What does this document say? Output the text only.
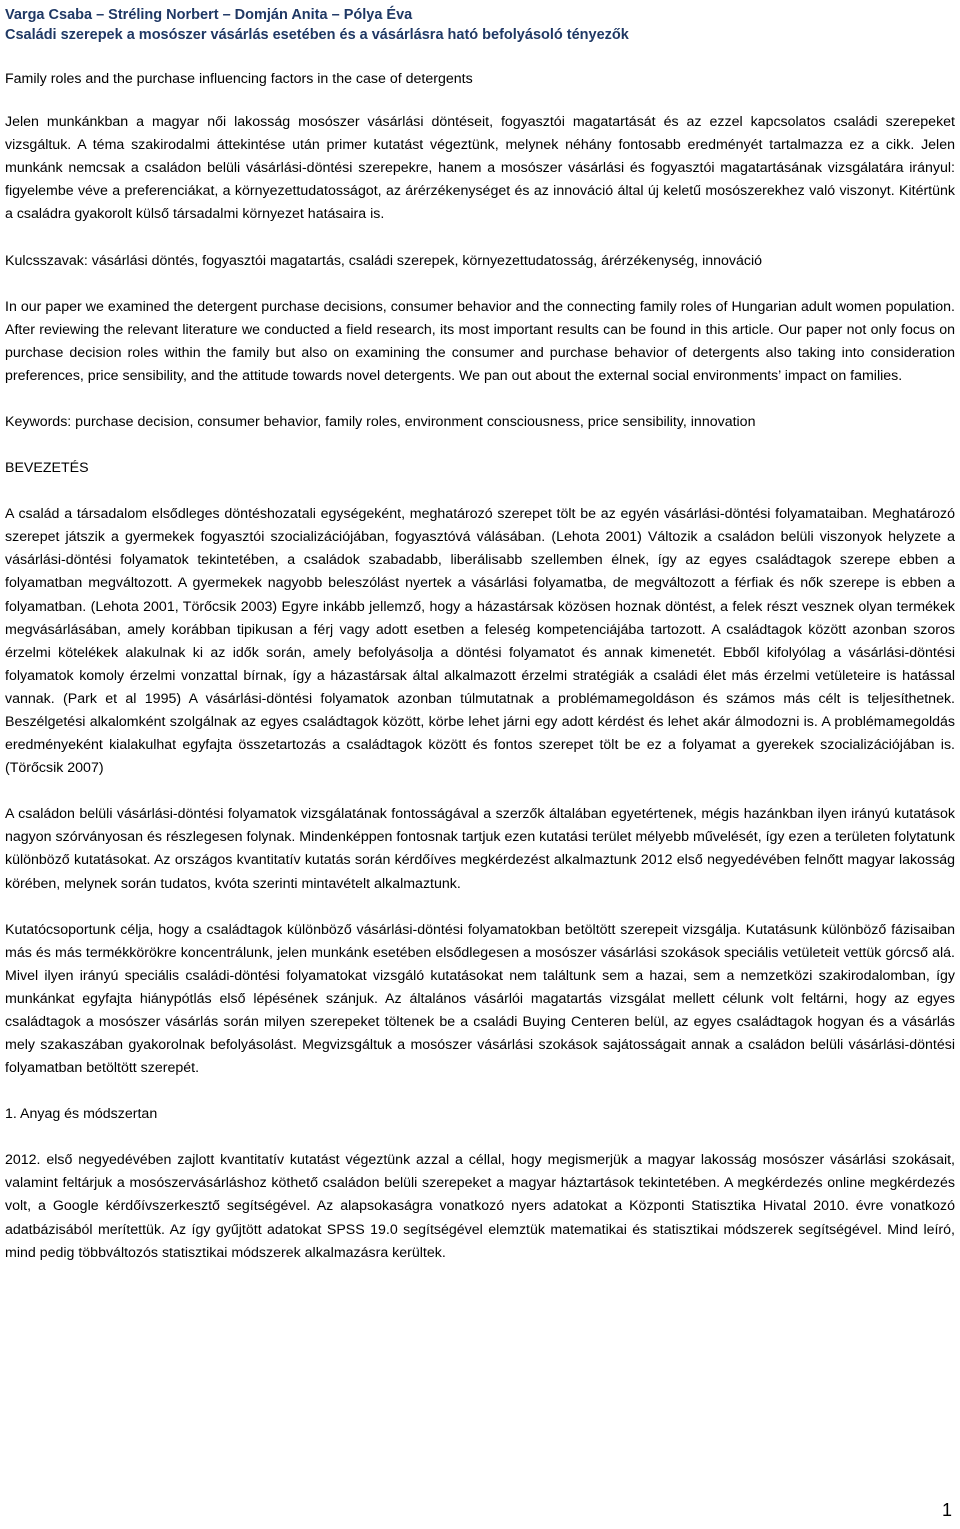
Varga Csaba – Stréling Norbert – Domján Anita – Pólya Éva

Családi szerepek a mosószer vásárlás esetében és a vásárlásra ható befolyásoló tényezők

Family roles and the purchase influencing factors in the case of detergents

Jelen munkánkban a magyar női lakosság mosószer vásárlási döntéseit, fogyasztói magatartását és az ezzel kapcsolatos családi szerepeket vizsgáltuk. A téma szakirodalmi áttekintése után primer kutatást végeztünk, melynek néhány fontosabb eredményét tartalmazza ez a cikk. Jelen munkánk nemcsak a családon belüli vásárlási-döntési szerepekre, hanem a mosószer vásárlási és fogyasztói magatartásának vizsgálatára irányul: figyelembe véve a preferenciákat, a környezettudatosságot, az árérzékenységet és az innováció által új keletű mosószerekhez való viszonyt. Kitértünk a családra gyakorolt külső társadalmi környezet hatásaira is.

Kulcsszavak: vásárlási döntés, fogyasztói magatartás, családi szerepek, környezettudatosság, árérzékenység, innováció

In our paper we examined the detergent purchase decisions, consumer behavior and the connecting family roles of Hungarian adult women population. After reviewing the relevant literature we conducted a field research, its most important results can be found in this article. Our paper not only focus on purchase decision roles within the family but also on examining the consumer and purchase behavior of detergents also taking into consideration preferences, price sensibility, and the attitude towards novel detergents. We pan out about the external social environments’ impact on families.

Keywords: purchase decision, consumer behavior, family roles, environment consciousness, price sensibility, innovation

BEVEZETÉS

A család a társadalom elsődleges döntéshozatali egységeként, meghatározó szerepet tölt be az egyén vásárlási-döntési folyamataiban. Meghatározó szerepet játszik a gyermekek fogyasztói szocializációjában, fogyasztóvá válásában. (Lehota 2001) Változik a családon belüli viszonyok helyzete a vásárlási-döntési folyamatok tekintetében, a családok szabadabb, liberálisabb szellemben élnek, így az egyes családtagok szerepe ebben a folyamatban megváltozott. A gyermekek nagyobb beleszólást nyertek a vásárlási folyamatba, de megváltozott a férfiak és nők szerepe is ebben a folyamatban. (Lehota 2001, Törőcsik 2003) Egyre inkább jellemző, hogy a házastársak közösen hoznak döntést, a felek részt vesznek olyan termékek megvásárlásában, amely korábban tipikusan a férj vagy adott esetben a feleség kompetenciájába tartozott. A családtagok között azonban szoros érzelmi kötelékek alakulnak ki az idők során, amely befolyásolja a döntési folyamatot és annak kimenetét. Ebből kifolyólag a vásárlási-döntési folyamatok komoly érzelmi vonzattal bírnak, így a házastársak által alkalmazott érzelmi stratégiák a családi élet más érzelmi vetületeire is hatással vannak. (Park et al 1995) A vásárlási-döntési folyamatok azonban túlmutatnak a problémamegoldáson és számos más célt is teljesíthetnek. Beszélgetési alkalomként szolgálnak az egyes családtagok között, körbe lehet járni egy adott kérdést és lehet akár álmodozni is. A problémamegoldás eredményeként kialakulhat egyfajta összetartozás a családtagok között és fontos szerepet tölt be ez a folyamat a gyerekek szocializációjában is. (Törőcsik 2007)

A családon belüli vásárlási-döntési folyamatok vizsgálatának fontosságával a szerzők általában egyetértenek, mégis hazánkban ilyen irányú kutatások nagyon szórványosan és részlegesen folynak. Mindenképpen fontosnak tartjuk ezen kutatási terület mélyebb művelését, így ezen a területen folytatunk különböző kutatásokat. Az országos kvantitatív kutatás során kérdőíves megkérdezést alkalmaztunk 2012 első negyedévében felnőtt magyar lakosság körében, melynek során tudatos, kvóta szerinti mintavételt alkalmaztunk.

Kutatócsoportunk célja, hogy a családtagok különböző vásárlási-döntési folyamatokban betöltött szerepeit vizsgálja. Kutatásunk különböző fázisaiban más és más termékkörökre koncentrálunk, jelen munkánk esetében elsődlegesen a mosószer vásárlási szokások speciális vetületeit vettük górcső alá. Mivel ilyen irányú speciális családi-döntési folyamatokat vizsgáló kutatásokat nem találtunk sem a hazai, sem a nemzetközi szakirodalomban, így munkánkat egyfajta hiánypótlás első lépésének szánjuk. Az általános vásárlói magatartás vizsgálat mellett célunk volt feltárni, hogy az egyes családtagok a mosószer vásárlás során milyen szerepeket töltenek be a családi Buying Centeren belül, az egyes családtagok hogyan és a vásárlás mely szakaszában gyakorolnak befolyásolást. Megvizsgáltuk a mosószer vásárlási szokások sajátosságait annak a családon belüli vásárlási-döntési folyamatban betöltött szerepét.

1. Anyag és módszertan

2012. első negyedévében zajlott kvantitatív kutatást végeztünk azzal a céllal, hogy megismerjük a magyar lakosság mosószer vásárlási szokásait, valamint feltárjuk a mosószervásárláshoz köthető családon belüli szerepeket a magyar háztartások tekintetében. A megkérdezés online megkérdezés volt, a Google kérdőívszerkesztő segítségével. Az alapsokaságra vonatkozó nyers adatokat a Központi Statisztika Hivatal 2010. évre vonatkozó adatbázisából merítettük. Az így gyűjtött adatokat SPSS 19.0 segítségével elemztük matematikai és statisztikai módszerek segítségével. Mind leíró, mind pedig többváltozós statisztikai módszerek alkalmazásra kerültek.

1
